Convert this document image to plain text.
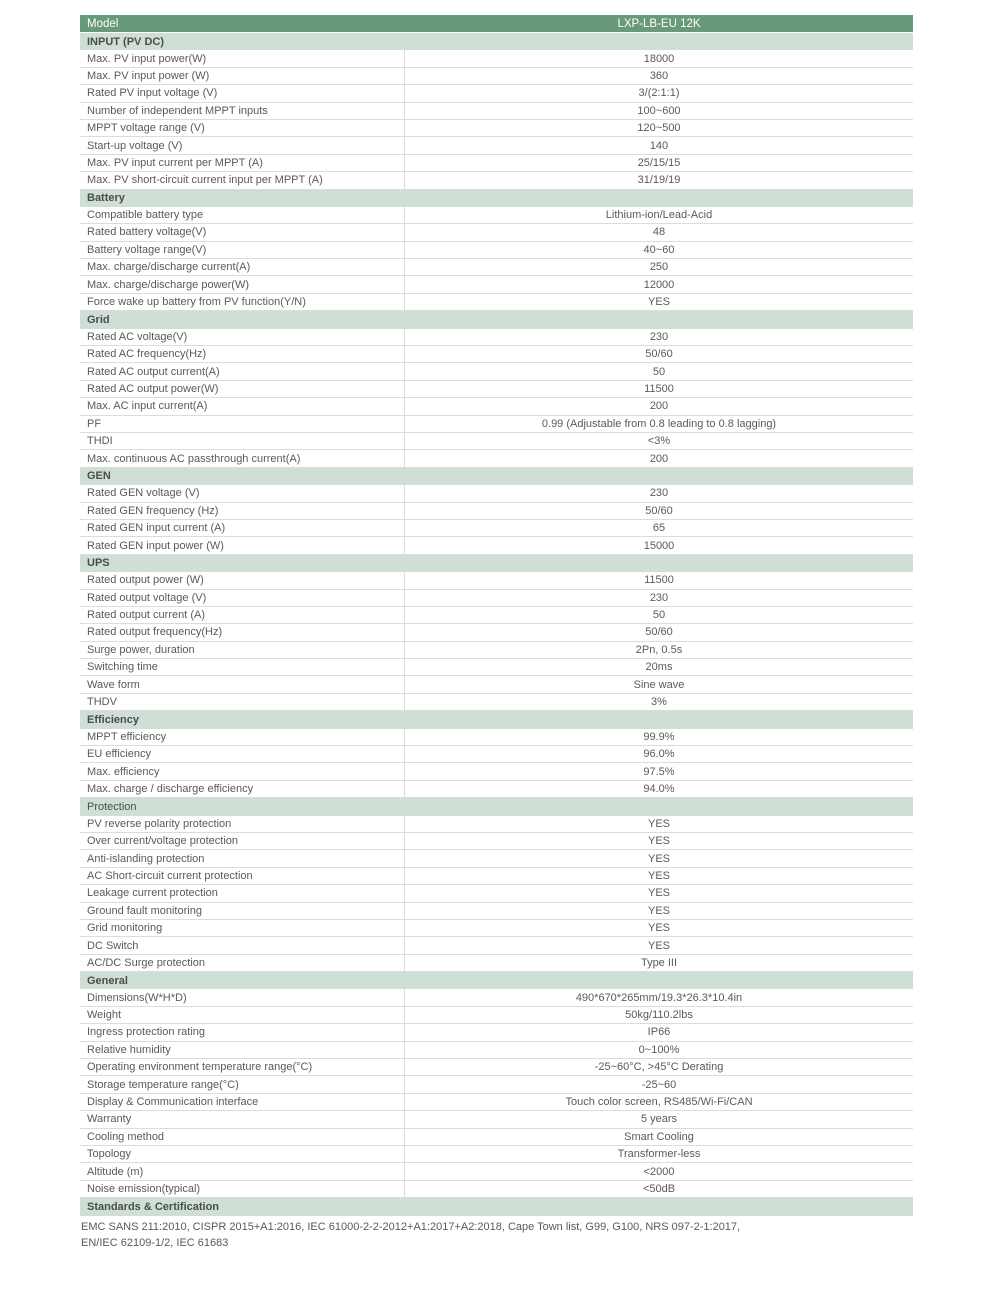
Model	LXP-LB-EU 12K
INPUT (PV DC)
Max. PV input power(W)	18000
Max. PV input power (W)	360
Rated PV input voltage (V)	3/(2:1:1)
Number of independent MPPT inputs	100~600
MPPT voltage range (V)	120~500
Start-up voltage (V)	140
Max. PV input current per MPPT (A)	25/15/15
Max. PV short-circuit current input per MPPT (A)	31/19/19
Battery
Compatible battery type	Lithium-ion/Lead-Acid
Rated battery voltage(V)	48
Battery voltage range(V)	40~60
Max. charge/discharge current(A)	250
Max. charge/discharge power(W)	12000
Force wake up battery from PV function(Y/N)	YES
Grid
Rated AC voltage(V)	230
Rated AC frequency(Hz)	50/60
Rated AC output current(A)	50
Rated AC output power(W)	11500
Max. AC input current(A)	200
PF	0.99 (Adjustable from 0.8 leading to 0.8 lagging)
THDI	<3%
Max. continuous AC passthrough current(A)	200
GEN
Rated GEN voltage (V)	230
Rated GEN frequency (Hz)	50/60
Rated GEN input current (A)	65
Rated GEN input power (W)	15000
UPS
Rated output power (W)	11500
Rated output voltage (V)	230
Rated output current (A)	50
Rated output frequency(Hz)	50/60
Surge power, duration	2Pn, 0.5s
Switching time	20ms
Wave form	Sine wave
THDV	3%
Efficiency
MPPT efficiency	99.9%
EU efficiency	96.0%
Max. efficiency	97.5%
Max. charge / discharge efficiency	94.0%
Protection
PV reverse polarity protection	YES
Over current/voltage protection	YES
Anti-islanding protection	YES
AC Short-circuit current protection	YES
Leakage current protection	YES
Ground fault monitoring	YES
Grid monitoring	YES
DC Switch	YES
AC/DC Surge protection	Type III
General
Dimensions(W*H*D)	490*670*265mm/19.3*26.3*10.4in
Weight	50kg/110.2lbs
Ingress protection rating	IP66
Relative humidity	0~100%
Operating environment temperature range(°C)	-25~60°C, >45°C Derating
Storage temperature range(°C)	-25~60
Display & Communication interface	Touch color screen, RS485/Wi-Fi/CAN
Warranty	5 years
Cooling method	Smart Cooling
Topology	Transformer-less
Altitude (m)	<2000
Noise emission(typical)	<50dB
Standards & Certification
EMC SANS 211:2010, CISPR 2015+A1:2016, IEC 61000-2-2-2012+A1:2017+A2:2018, Cape Town list, G99, G100, NRS 097-2-1:2017,
EN/IEC 62109-1/2, IEC 61683
